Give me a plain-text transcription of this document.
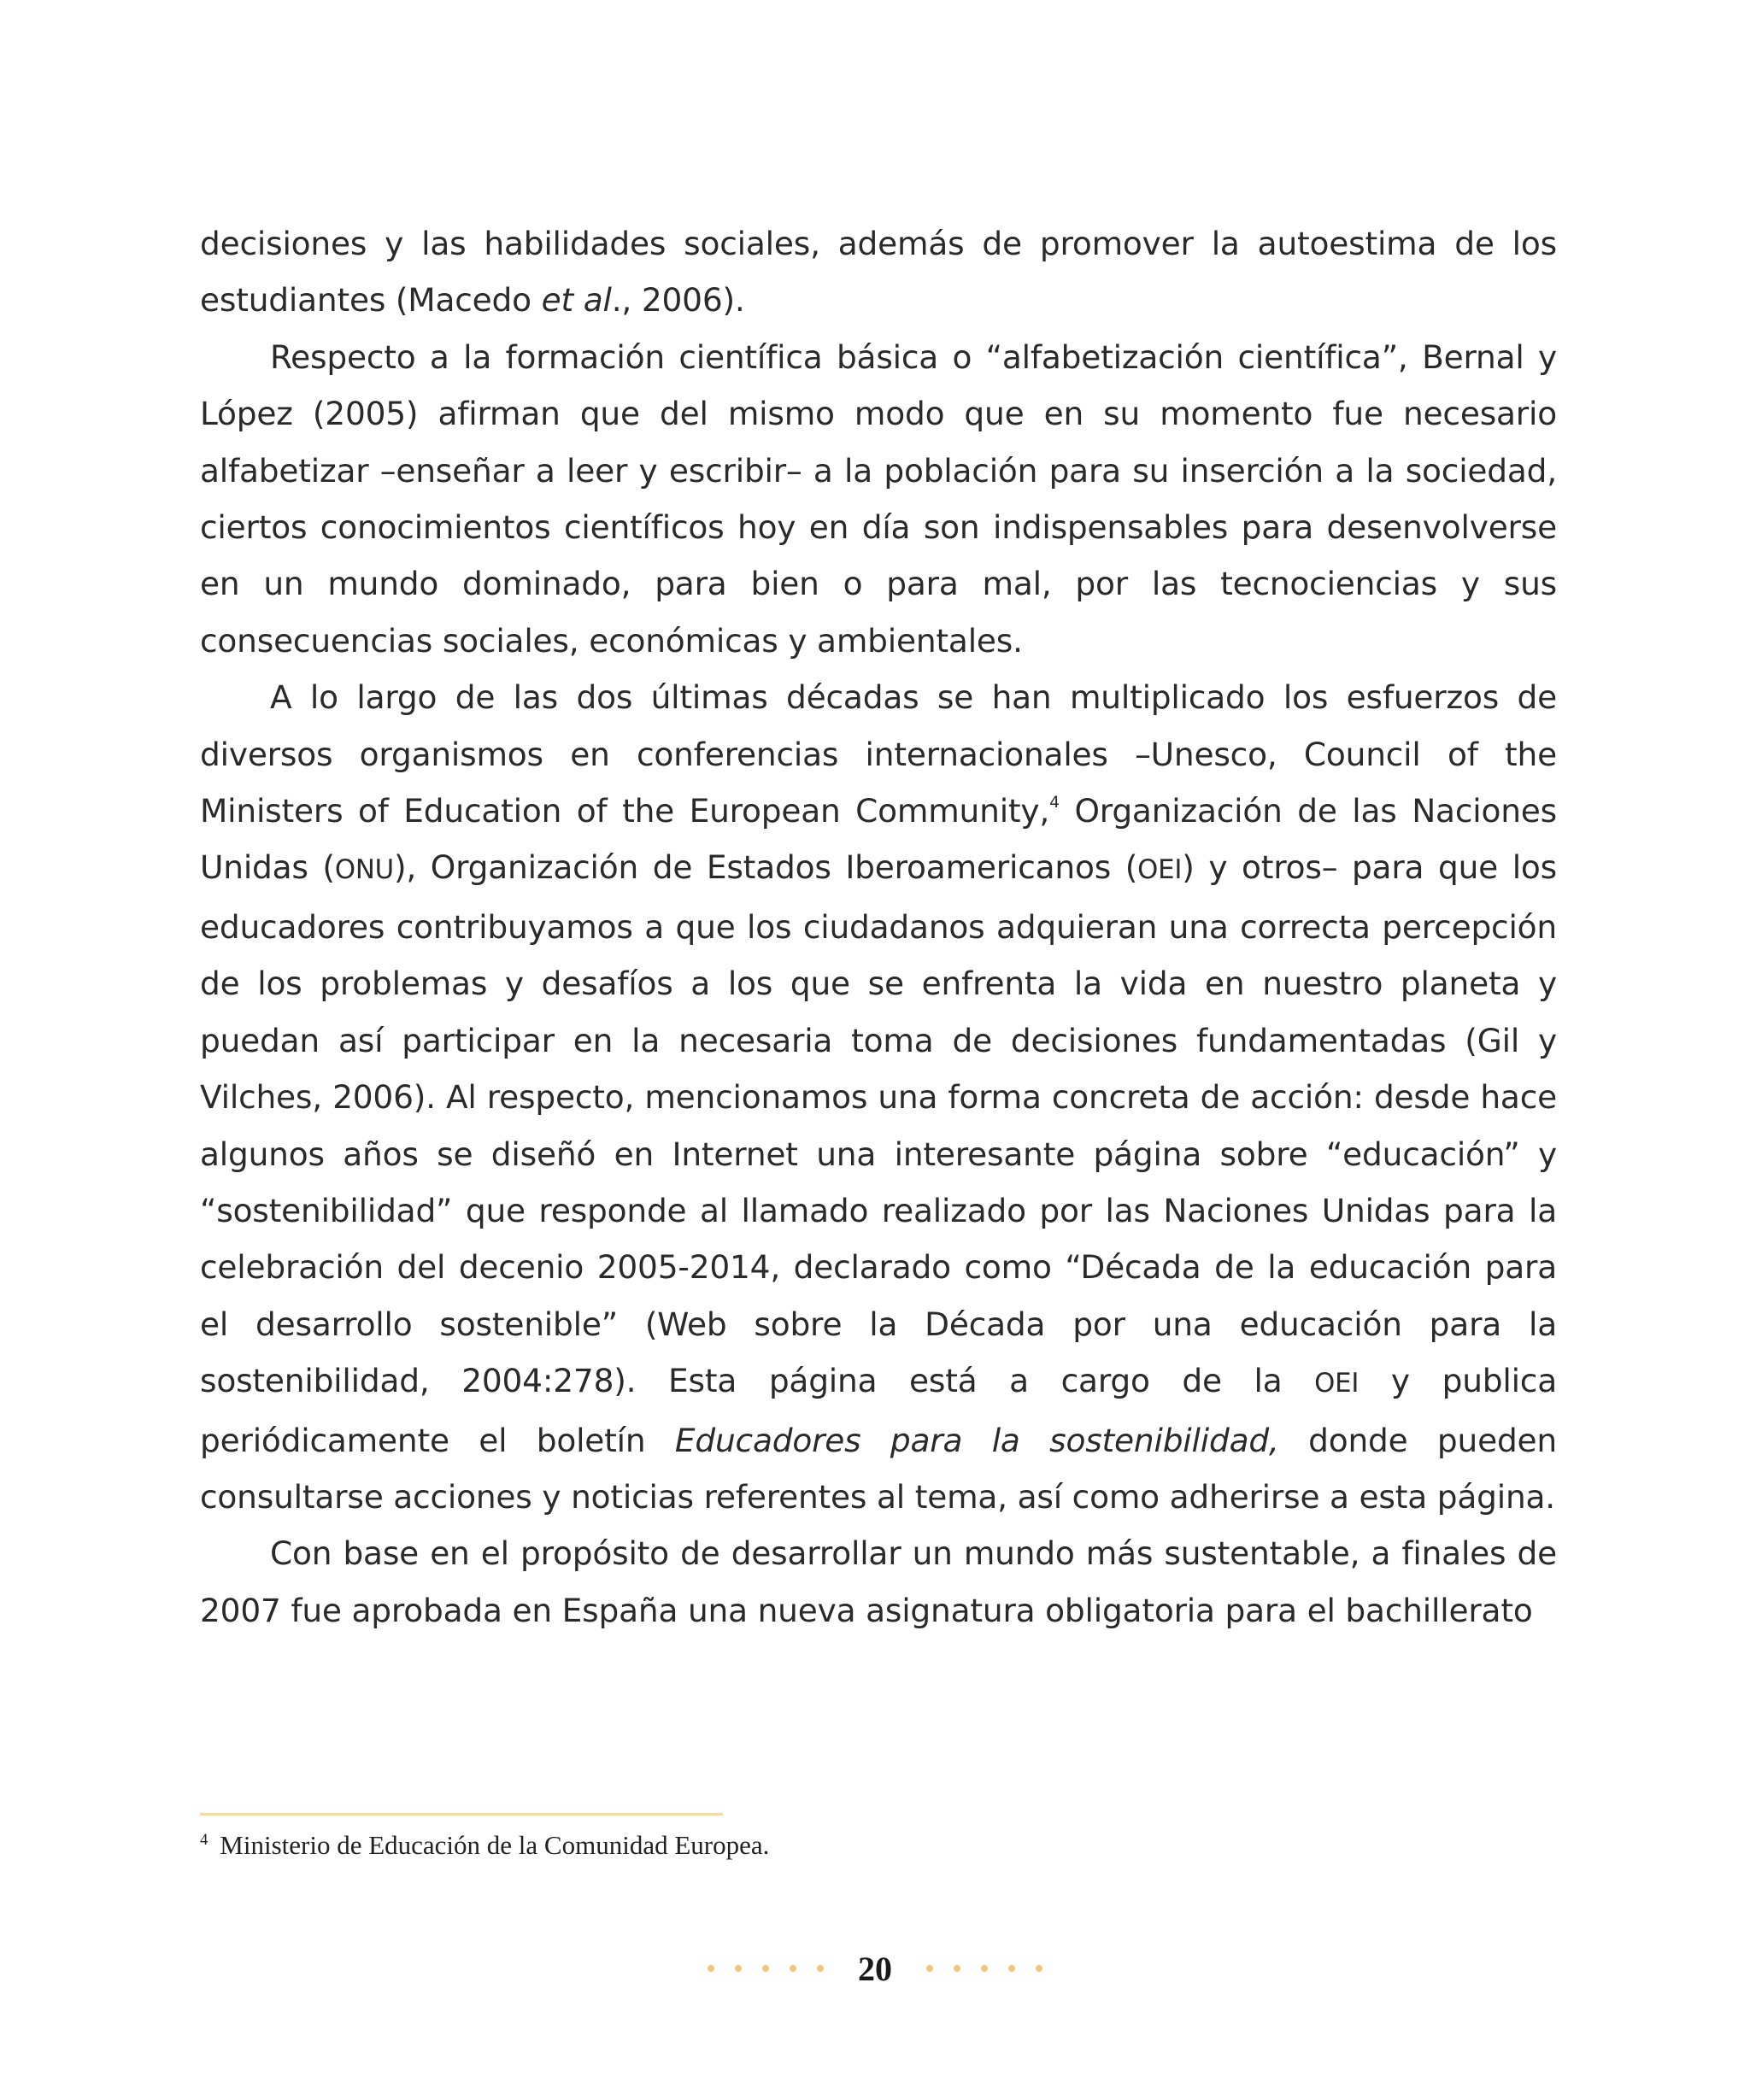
decisiones y las habilidades sociales, además de promover la autoestima de los estudiantes (Macedo et al., 2006).

Respecto a la formación científica básica o “alfabetización científica”, Bernal y López (2005) afirman que del mismo modo que en su momento fue necesario alfabetizar –enseñar a leer y escribir– a la población para su inserción a la sociedad, ciertos conocimientos científicos hoy en día son indispensables para desenvolverse en un mundo dominado, para bien o para mal, por las tecnociencias y sus consecuencias sociales, económicas y ambientales.

A lo largo de las dos últimas décadas se han multiplicado los esfuerzos de diversos organismos en conferencias internacionales –Unesco, Council of the Ministers of Education of the European Community,$^4$ Organización de las Naciones Unidas (ONU), Organización de Estados Iberoamericanos (OEI) y otros– para que los educadores contribuyamos a que los ciudadanos adquieran una correcta percepción de los problemas y desafíos a los que se enfrenta la vida en nuestro planeta y puedan así participar en la necesaria toma de decisiones fundamentadas (Gil y Vilches, 2006). Al respecto, mencionamos una forma concreta de acción: desde hace algunos años se diseñó en Internet una interesante página sobre “educación” y “sostenibilidad” que responde al llamado realizado por las Naciones Unidas para la celebración del decenio 2005-2014, declarado como “Década de la educación para el desarrollo sostenible” (Web sobre la Década por una educación para la sostenibilidad, 2004:278). Esta página está a cargo de la OEI y publica periódicamente el boletín Educadores para la sostenibilidad, donde pueden consultarse acciones y noticias referentes al tema, así como adherirse a esta página.

Con base en el propósito de desarrollar un mundo más sustentable, a finales de 2007 fue aprobada en España una nueva asignatura obligatoria para el bachillerato

$^4$ Ministerio de Educación de la Comunidad Europea.
20
